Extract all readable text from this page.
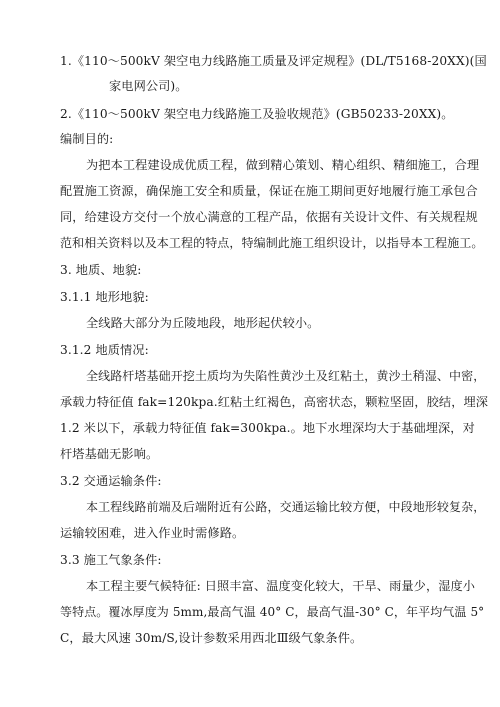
1.《110～500kV 架空电力线路施工质量及评定规程》(DL/T5168-20XX)(国
家电网公司)。
2.《110～500kV 架空电力线路施工及验收规范》(GB50233-20XX)。
编制目的:
为把本工程建设成优质工程，做到精心策划、精心组织、精细施工，合理
配置施工资源，确保施工安全和质量，保证在施工期间更好地履行施工承包合
同，给建设方交付一个放心满意的工程产品，依据有关设计文件、有关规程规
范和相关资料以及本工程的特点，特编制此施工组织设计，以指导本工程施工。
3. 地质、地貌:
3.1.1 地形地貌:
全线路大部分为丘陵地段，地形起伏较小。
3.1.2 地质情况:
全线路杆塔基础开挖土质均为失陷性黄沙土及红粘土，黄沙土稍湿、中密，
承载力特征值 fak=120kpa.红粘土红褐色，高密状态，颗粒坚固，胶结，埋深
1.2 米以下，承载力特征值 fak=300kpa.。地下水埋深均大于基础埋深，对
杆塔基础无影响。
3.2 交通运输条件:
本工程线路前端及后端附近有公路，交通运输比较方便，中段地形较复杂，
运输较困难，进入作业时需修路。
3.3 施工气象条件:
本工程主要气候特征: 日照丰富、温度变化较大，干旱、雨量少，湿度小
等特点。覆冰厚度为 5mm,最高气温 40° C，最高气温-30° C，年平均气温 5°
C，最大风速 30m/S,设计参数采用西北Ⅲ级气象条件。
